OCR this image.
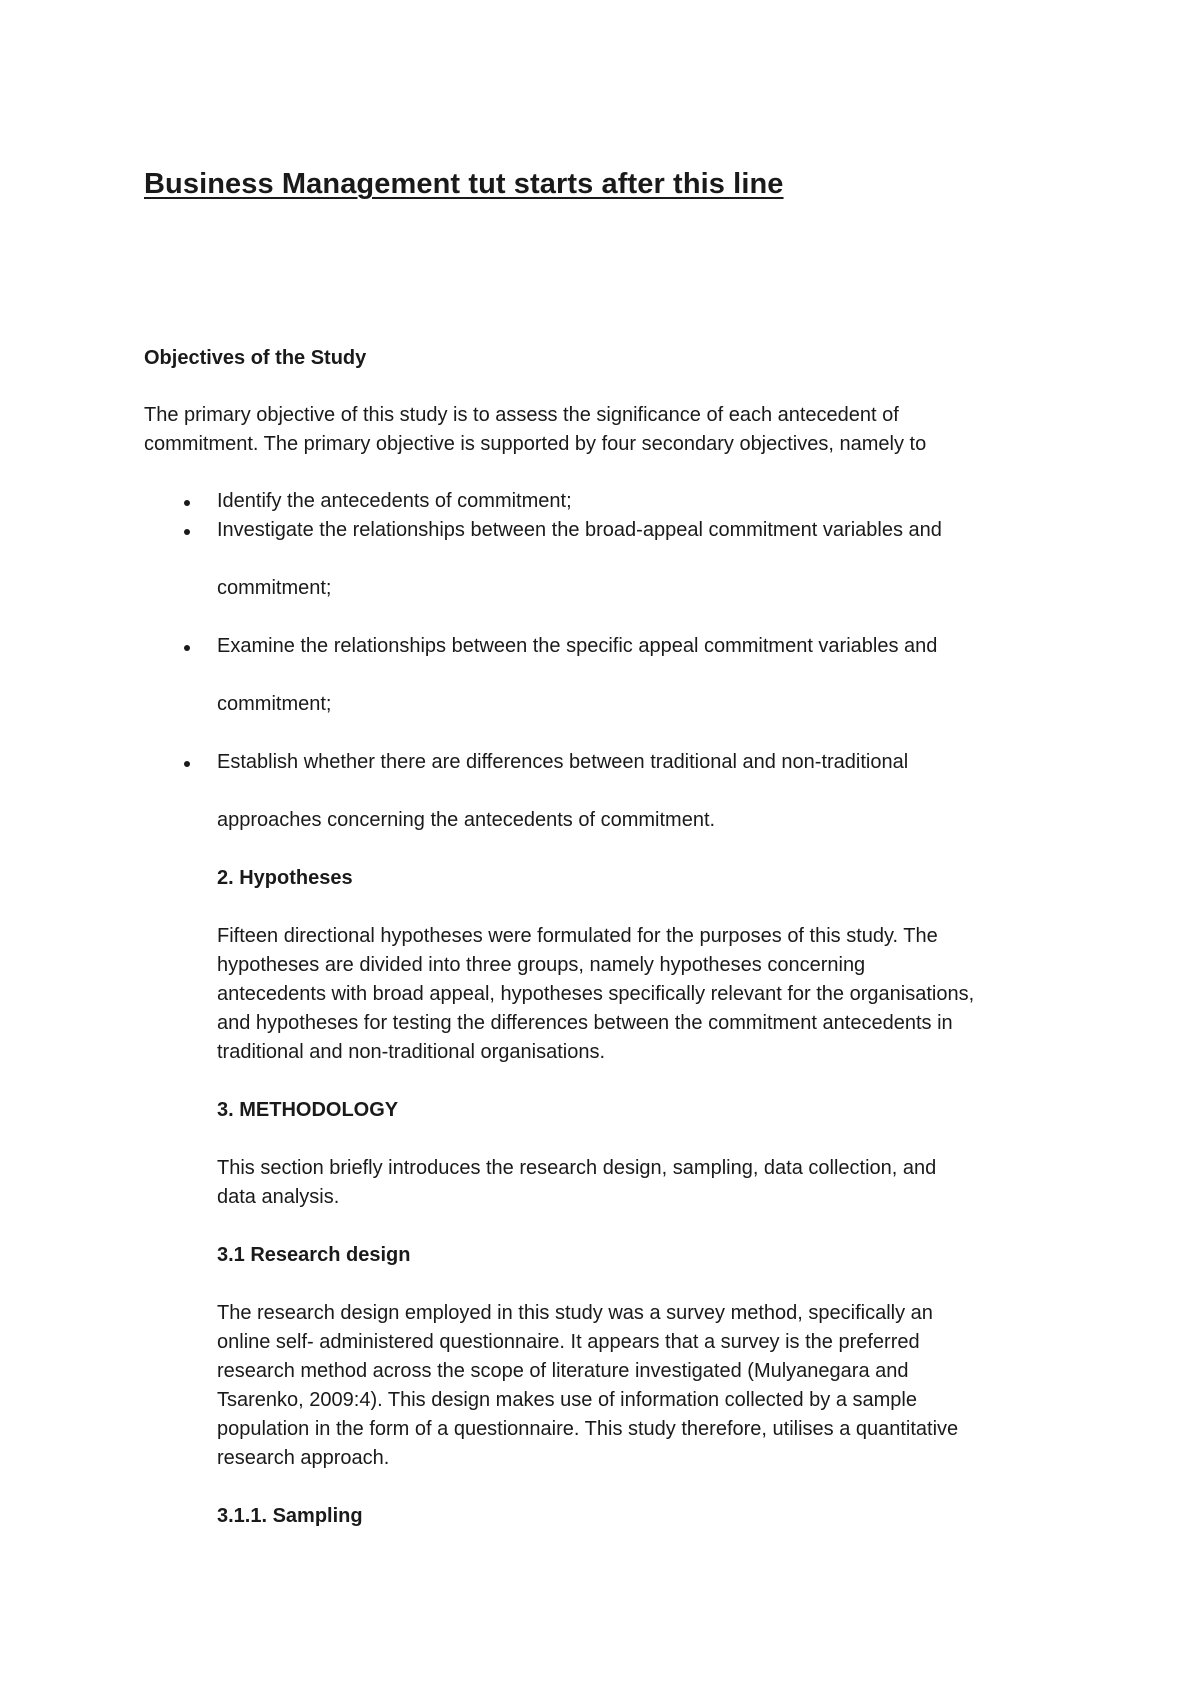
Business Management tut starts after this line
Objectives of the Study
The primary objective of this study is to assess the significance of each antecedent of
commitment. The primary objective is supported by four secondary objectives, namely to
Identify the antecedents of commitment;
Investigate the relationships between the broad-appeal commitment variables and
commitment;
Examine the relationships between the specific appeal commitment variables and
commitment;
Establish whether there are differences between traditional and non-traditional
approaches concerning the antecedents of commitment.
2. Hypotheses
Fifteen directional hypotheses were formulated for the purposes of this study. The
hypotheses are divided into three groups, namely hypotheses concerning
antecedents with broad appeal, hypotheses specifically relevant for the organisations,
and hypotheses for testing the differences between the commitment antecedents in
traditional and non-traditional organisations.
3. METHODOLOGY
This section briefly introduces the research design, sampling, data collection, and
data analysis.
3.1 Research design
The research design employed in this study was a survey method, specifically an
online self- administered questionnaire. It appears that a survey is the preferred
research method across the scope of literature investigated (Mulyanegara and
Tsarenko, 2009:4). This design makes use of information collected by a sample
population in the form of a questionnaire. This study therefore, utilises a quantitative
research approach.
3.1.1. Sampling
